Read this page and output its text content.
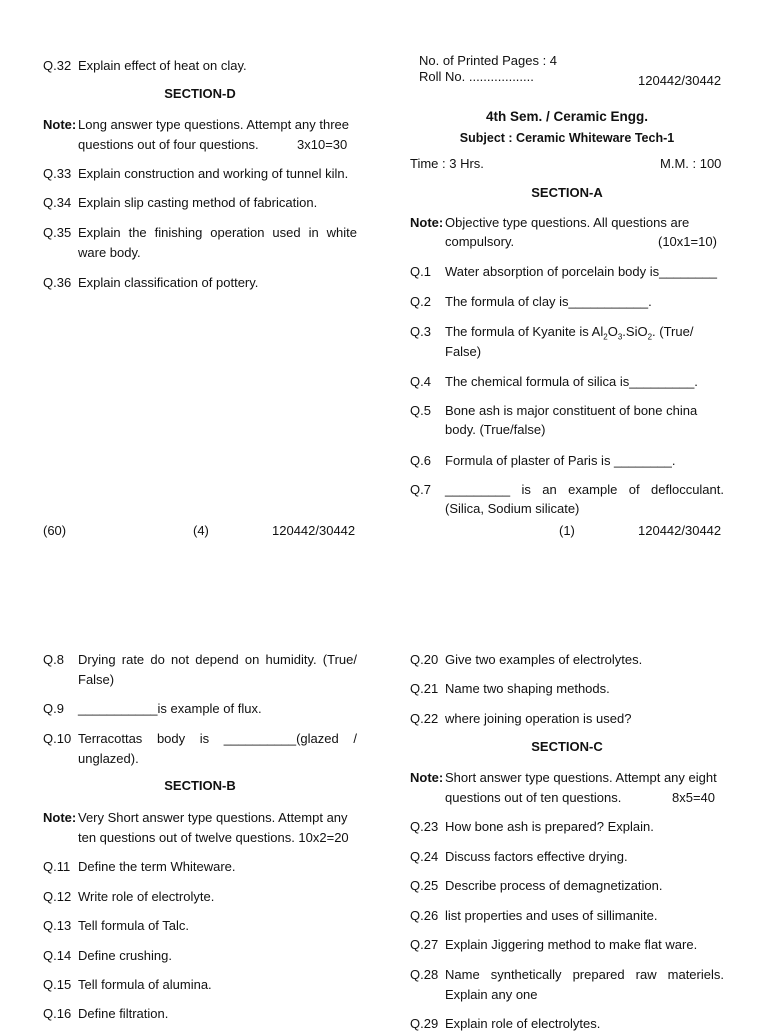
No. of Printed Pages : 4
Roll No. ..................	120442/30442
4th Sem. / Ceramic Engg.
Subject : Ceramic Whiteware Tech-1
Time : 3 Hrs.	M.M. : 100
SECTION-A
Note: Objective type questions. All questions are
compulsory.	(10x1=10)
Q.1 Water absorption of porcelain body is________
Q.2 The formula of clay is___________.
Q.3 The formula of Kyanite is $Al_2O_3.SiO_2$. (True/
False)
Q.4 The chemical formula of silica is_________.
Q.5 Bone ash is major constituent of bone china
body. (True/false)
Q.6 Formula of plaster of Paris is ________.
Q.7 _________ is an example of deflocculant.
(Silica, Sodium silicate)
(1)	120442/30442
Q.32 Explain effect of heat on clay.
SECTION-D
Note: Long answer type questions. Attempt any three
questions out of four questions.	3x10=30
Q.33 Explain construction and working of tunnel kiln.
Q.34 Explain slip casting method of fabrication.
Q.35 Explain the finishing operation used in white
ware body.
Q.36 Explain classification of pottery.
(60)	(4)	120442/30442
Q.8 Drying rate do not depend on humidity. (True/
False)
Q.9 ___________is example of flux.
Q.10 Terracottas body is __________(glazed /
unglazed).
SECTION-B
Note: Very Short answer type questions. Attempt any
ten questions out of twelve questions. 10x2=20
Q.11 Define the term Whiteware.
Q.12 Write role of electrolyte.
Q.13 Tell formula of Talc.
Q.14 Define crushing.
Q.15 Tell formula of alumina.
Q.16 Define filtration.
Q.20 Give two examples of electrolytes.
Q.21 Name two shaping methods.
Q.22 where joining operation is used?
SECTION-C
Note: Short answer type questions. Attempt any eight
questions out of ten questions.	8x5=40
Q.23 How bone ash is prepared? Explain.
Q.24 Discuss factors effective drying.
Q.25 Describe process of demagnetization.
Q.26 list properties and uses of sillimanite.
Q.27 Explain Jiggering method to make flat ware.
Q.28 Name synthetically prepared raw materiels.
Explain any one
Q.29 Explain role of electrolytes.
